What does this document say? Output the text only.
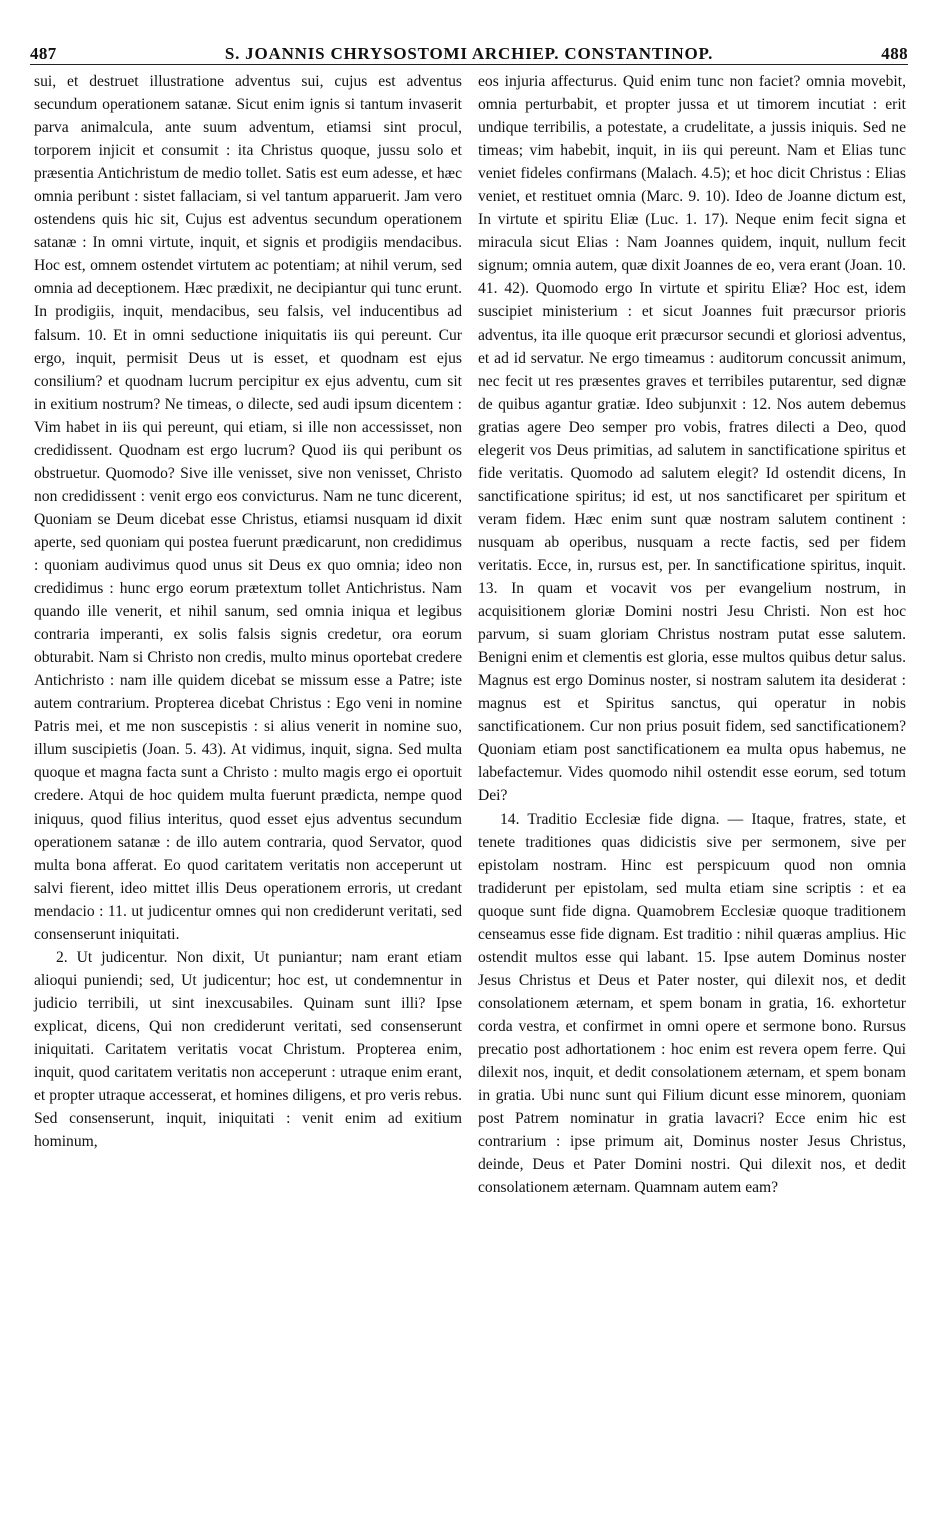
487	S. JOANNIS CHRYSOSTOMI ARCHIEP. CONSTANTINOP.	488

sui, et destruet illustratione adventus sui, cujus est adventus secundum operationem satanæ. Sicut enim ignis si tantum invaserit parva animalcula, ante suum adventum, etiamsi sint procul, torporem injicit et consumit : ita Christus quoque, jussu solo et præsentia Antichristum de medio tollet. Satis est eum adesse, et hæc omnia peribunt : sistet fallaciam, si vel tantum apparuerit. Jam vero ostendens quis hic sit, Cujus est adventus secundum operationem satanæ : In omni virtute, inquit, et signis et prodigiis mendacibus. Hoc est, omnem ostendet virtutem ac potentiam; at nihil verum, sed omnia ad deceptionem. Hæc prædixit, ne decipiantur qui tunc erunt. In prodigiis, inquit, mendacibus, seu falsis, vel inducentibus ad falsum. 10. Et in omni seductione iniquitatis iis qui pereunt. Cur ergo, inquit, permisit Deus ut is esset, et quodnam est ejus consilium? et quodnam lucrum percipitur ex ejus adventu, cum sit in exitium nostrum? Ne timeas, o dilecte, sed audi ipsum dicentem : Vim habet in iis qui pereunt, qui etiam, si ille non accessisset, non credidissent. Quodnam est ergo lucrum? Quod iis qui peribunt os obstruetur. Quomodo? Sive ille venisset, sive non venisset, Christo non credidissent : venit ergo eos convicturus. Nam ne tunc dicerent, Quoniam se Deum dicebat esse Christus, etiamsi nusquam id dixit aperte, sed quoniam qui postea fuerunt prædicarunt, non credidimus : quoniam audivimus quod unus sit Deus ex quo omnia; ideo non credidimus : hunc ergo eorum prætextum tollet Antichristus. Nam quando ille venerit, et nihil sanum, sed omnia iniqua et legibus contraria imperanti, ex solis falsis signis credetur, ora eorum obturabit. Nam si Christo non credis, multo minus oportebat credere Antichristo : nam ille quidem dicebat se missum esse a Patre; iste autem contrarium. Propterea dicebat Christus : Ego veni in nomine Patris mei, et me non suscepistis : si alius venerit in nomine suo, illum suscipietis (Joan. 5. 43). At vidimus, inquit, signa. Sed multa quoque et magna facta sunt a Christo : multo magis ergo ei oportuit credere. Atqui de hoc quidem multa fuerunt prædicta, nempe quod iniquus, quod filius interitus, quod esset ejus adventus secundum operationem satanæ : de illo autem contraria, quod Servator, quod multa bona afferat. Eo quod caritatem veritatis non acceperunt ut salvi fierent, ideo mittet illis Deus operationem erroris, ut credant mendacio : 11. ut judicentur omnes qui non crediderunt veritati, sed consenserunt iniquitati.

2. Ut judicentur. Non dixit, Ut puniantur; nam erant etiam alioqui puniendi; sed, Ut judicentur; hoc est, ut condemnentur in judicio terribili, ut sint inexcusabiles. Quinam sunt illi? Ipse explicat, dicens, Qui non crediderunt veritati, sed consenserunt iniquitati. Caritatem veritatis vocat Christum. Propterea enim, inquit, quod caritatem veritatis non acceperunt : utraque enim erant, et propter utraque accesserat, et homines diligens, et pro veris rebus. Sed consenserunt, inquit, iniquitati : venit enim ad exitium hominum,

eos injuria affecturus. Quid enim tunc non faciet? omnia movebit, omnia perturbabit, et propter jussa et ut timorem incutiat : erit undique terribilis, a potestate, a crudelitate, a jussis iniquis. Sed ne timeas; vim habebit, inquit, in iis qui pereunt. Nam et Elias tunc veniet fideles confirmans (Malach. 4.5); et hoc dicit Christus : Elias veniet, et restituet omnia (Marc. 9. 10). Ideo de Joanne dictum est, In virtute et spiritu Eliæ (Luc. 1. 17). Neque enim fecit signa et miracula sicut Elias : Nam Joannes quidem, inquit, nullum fecit signum; omnia autem, quæ dixit Joannes de eo, vera erant (Joan. 10. 41. 42). Quomodo ergo In virtute et spiritu Eliæ? Hoc est, idem suscipiet ministerium : et sicut Joannes fuit præcursor prioris adventus, ita ille quoque erit præcursor secundi et gloriosi adventus, et ad id servatur. Ne ergo timeamus : auditorum concussit animum, nec fecit ut res præsentes graves et terribiles putarentur, sed dignæ de quibus agantur gratiæ. Ideo subjunxit : 12. Nos autem debemus gratias agere Deo semper pro vobis, fratres dilecti a Deo, quod elegerit vos Deus primitias, ad salutem in sanctificatione spiritus et fide veritatis. Quomodo ad salutem elegit? Id ostendit dicens, In sanctificatione spiritus; id est, ut nos sanctificaret per spiritum et veram fidem. Hæc enim sunt quæ nostram salutem continent : nusquam ab operibus, nusquam a recte factis, sed per fidem veritatis. Ecce, in, rursus est, per. In sanctificatione spiritus, inquit. 13. In quam et vocavit vos per evangelium nostrum, in acquisitionem gloriæ Domini nostri Jesu Christi. Non est hoc parvum, si suam gloriam Christus nostram putat esse salutem. Benigni enim et clementis est gloria, esse multos quibus detur salus. Magnus est ergo Dominus noster, si nostram salutem ita desiderat : magnus est et Spiritus sanctus, qui operatur in nobis sanctificationem. Cur non prius posuit fidem, sed sanctificationem? Quoniam etiam post sanctificationem ea multa opus habemus, ne labefactemur. Vides quomodo nihil ostendit esse eorum, sed totum Dei?

14. Traditio Ecclesiæ fide digna. — Itaque, fratres, state, et tenete traditiones quas didicistis sive per sermonem, sive per epistolam nostram. Hinc est perspicuum quod non omnia tradiderunt per epistolam, sed multa etiam sine scriptis : et ea quoque sunt fide digna. Quamobrem Ecclesiæ quoque traditionem censeamus esse fide dignam. Est traditio : nihil quæras amplius. Hic ostendit multos esse qui labant. 15. Ipse autem Dominus noster Jesus Christus et Deus et Pater noster, qui dilexit nos, et dedit consolationem æternam, et spem bonam in gratia, 16. exhortetur corda vestra, et confirmet in omni opere et sermone bono. Rursus precatio post adhortationem : hoc enim est revera opem ferre. Qui dilexit nos, inquit, et dedit consolationem æternam, et spem bonam in gratia. Ubi nunc sunt qui Filium dicunt esse minorem, quoniam post Patrem nominatur in gratia lavacri? Ecce enim hic est contrarium : ipse primum ait, Dominus noster Jesus Christus, deinde, Deus et Pater Domini nostri. Qui dilexit nos, et dedit consolationem æternam. Quamnam autem eam?
